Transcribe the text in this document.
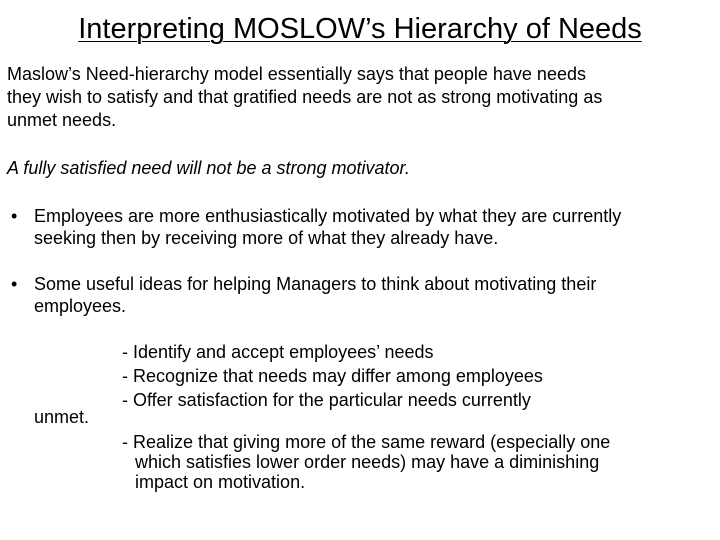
Interpreting MOSLOW’s Hierarchy of Needs
Maslow’s Need-hierarchy model essentially says that people have needs
they wish to satisfy and that gratified needs are not as strong motivating as
unmet needs.
A fully satisfied need will not be a strong motivator.
• Employees are more enthusiastically motivated by what they are currently
seeking then by receiving more of what they already have.
• Some useful ideas for helping Managers to think about motivating their
employees.
- Identify and accept employees’ needs
- Recognize that needs may differ among employees
- Offer satisfaction for the particular needs currently
unmet.
- Realize that giving more of the same reward (especially one
which satisfies lower order needs) may have a diminishing
impact on motivation.
